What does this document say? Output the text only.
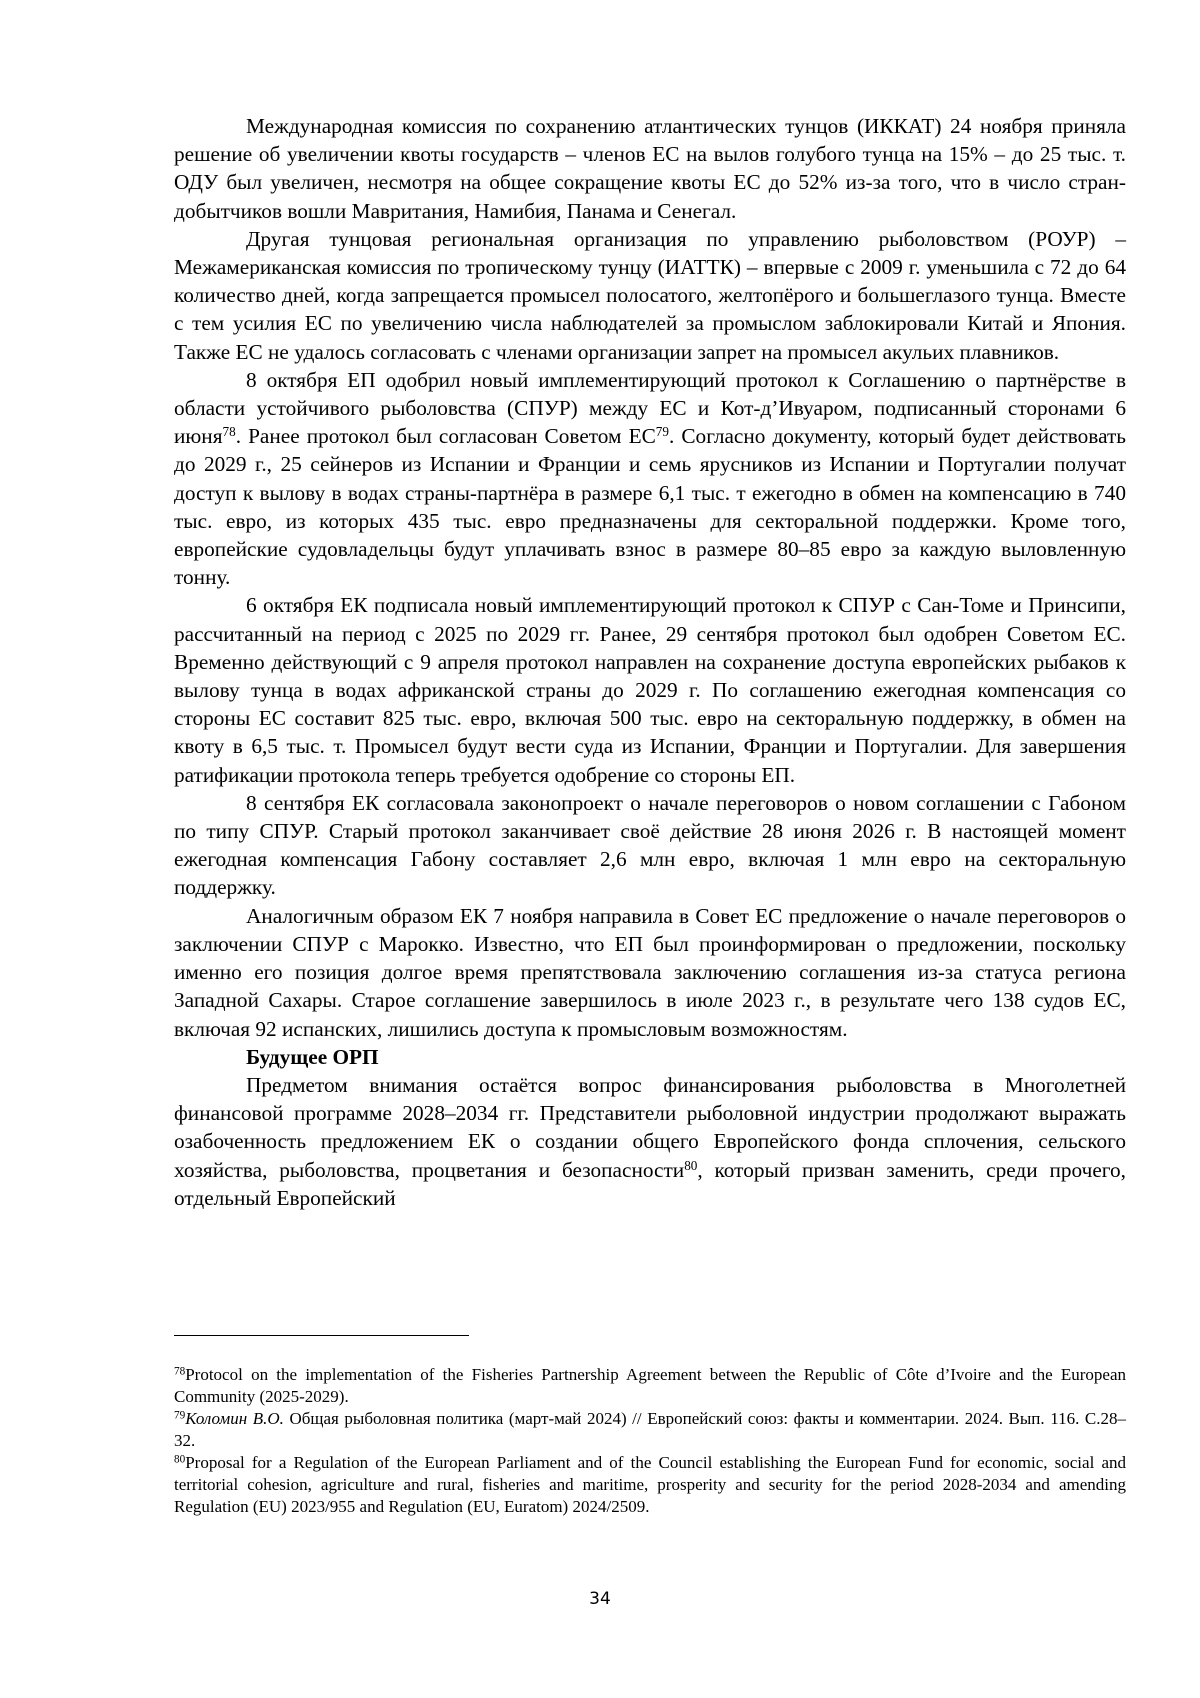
Международная комиссия по сохранению атлантических тунцов (ИККАТ) 24 ноября приняла решение об увеличении квоты государств – членов ЕС на вылов голубого тунца на 15% – до 25 тыс. т. ОДУ был увеличен, несмотря на общее сокращение квоты ЕС до 52% из-за того, что в число стран-добытчиков вошли Мавритания, Намибия, Панама и Сенегал.

Другая тунцовая региональная организация по управлению рыболовством (РОУР) – Межамериканская комиссия по тропическому тунцу (ИАТТК) – впервые с 2009 г. уменьшила с 72 до 64 количество дней, когда запрещается промысел полосатого, желтопёрого и большеглазого тунца. Вместе с тем усилия ЕС по увеличению числа наблюдателей за промыслом заблокировали Китай и Япония. Также ЕС не удалось согласовать с членами организации запрет на промысел акульих плавников.

8 октября ЕП одобрил новый имплементирующий протокол к Соглашению о партнёрстве в области устойчивого рыболовства (СПУР) между ЕС и Кот-д’Ивуаром, подписанный сторонами 6 июня$^{78}$. Ранее протокол был согласован Советом ЕС$^{79}$. Согласно документу, который будет действовать до 2029 г., 25 сейнеров из Испании и Франции и семь ярусников из Испании и Португалии получат доступ к вылову в водах страны-партнёра в размере 6,1 тыс. т ежегодно в обмен на компенсацию в 740 тыс. евро, из которых 435 тыс. евро предназначены для секторальной поддержки. Кроме того, европейские судовладельцы будут уплачивать взнос в размере 80–85 евро за каждую выловленную тонну.

6 октября ЕК подписала новый имплементирующий протокол к СПУР с Сан-Томе и Принсипи, рассчитанный на период с 2025 по 2029 гг. Ранее, 29 сентября протокол был одобрен Советом ЕС. Временно действующий с 9 апреля протокол направлен на сохранение доступа европейских рыбаков к вылову тунца в водах африканской страны до 2029 г. По соглашению ежегодная компенсация со стороны ЕС составит 825 тыс. евро, включая 500 тыс. евро на секторальную поддержку, в обмен на квоту в 6,5 тыс. т. Промысел будут вести суда из Испании, Франции и Португалии. Для завершения ратификации протокола теперь требуется одобрение со стороны ЕП.

8 сентября ЕК согласовала законопроект о начале переговоров о новом соглашении с Габоном по типу СПУР. Старый протокол заканчивает своё действие 28 июня 2026 г. В настоящей момент ежегодная компенсация Габону составляет 2,6 млн евро, включая 1 млн евро на секторальную поддержку.

Аналогичным образом ЕК 7 ноября направила в Совет ЕС предложение о начале переговоров о заключении СПУР с Марокко. Известно, что ЕП был проинформирован о предложении, поскольку именно его позиция долгое время препятствовала заключению соглашения из-за статуса региона Западной Сахары. Старое соглашение завершилось в июле 2023 г., в результате чего 138 судов ЕС, включая 92 испанских, лишились доступа к промысловым возможностям.

Будущее ОРП

Предметом внимания остаётся вопрос финансирования рыболовства в Многолетней финансовой программе 2028–2034 гг. Представители рыболовной индустрии продолжают выражать озабоченность предложением ЕК о создании общего Европейского фонда сплочения, сельского хозяйства, рыболовства, процветания и безопасности$^{80}$, который призван заменить, среди прочего, отдельный Европейский

$^{78}$Protocol on the implementation of the Fisheries Partnership Agreement between the Republic of Côte d’Ivoire and the European Community (2025-2029).

$^{79}$Коломин В.О. Общая рыболовная политика (март-май 2024) // Европейский союз: факты и комментарии. 2024. Вып. 116. С.28–32.

$^{80}$Proposal for a Regulation of the European Parliament and of the Council establishing the European Fund for economic, social and territorial cohesion, agriculture and rural, fisheries and maritime, prosperity and security for the period 2028-2034 and amending Regulation (EU) 2023/955 and Regulation (EU, Euratom) 2024/2509.

34
